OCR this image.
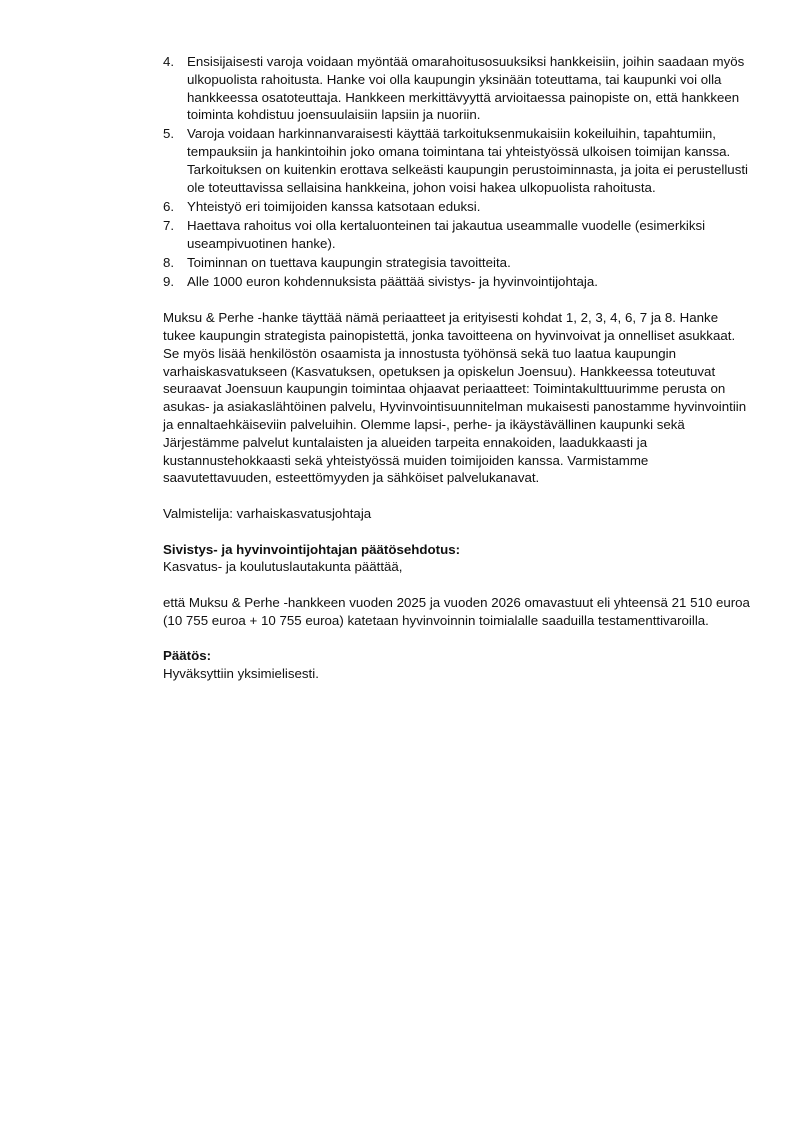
4. Ensisijaisesti varoja voidaan myöntää omarahoitusosuuksiksi hankkeisiin, joihin saadaan myös ulkopuolista rahoitusta. Hanke voi olla kaupungin yksinään toteuttama, tai kaupunki voi olla hankkeessa osatoteuttaja. Hankkeen merkittävyyttä arvioitaessa painopiste on, että hankkeen toiminta kohdistuu joensuulaisiin lapsiin ja nuoriin.
5. Varoja voidaan harkinnanvaraisesti käyttää tarkoituksenmukaisiin kokeiluihin, tapahtumiin, tempauksiin ja hankintoihin joko omana toimintana tai yhteistyössä ulkoisen toimijan kanssa. Tarkoituksen on kuitenkin erottava selkeästi kaupungin perustoiminnasta, ja joita ei perustellusti ole toteuttavissa sellaisina hankkeina, johon voisi hakea ulkopuolista rahoitusta.
6. Yhteistyö eri toimijoiden kanssa katsotaan eduksi.
7. Haettava rahoitus voi olla kertaluonteinen tai jakautua useammalle vuodelle (esimerkiksi useampivuotinen hanke).
8. Toiminnan on tuettava kaupungin strategisia tavoitteita.
9. Alle 1000 euron kohdennuksista päättää sivistys- ja hyvinvointijohtaja.

Muksu & Perhe -hanke täyttää nämä periaatteet ja erityisesti kohdat 1, 2, 3, 4, 6, 7 ja 8. Hanke tukee kaupungin strategista painopistettä, jonka tavoitteena on hyvinvoivat ja onnelliset asukkaat. Se myös lisää henkilöstön osaamista ja innostusta työhönsä sekä tuo laatua kaupungin varhaiskasvatukseen (Kasvatuksen, opetuksen ja opiskelun Joensuu). Hankkeessa toteutuvat seuraavat Joensuun kaupungin toimintaa ohjaavat periaatteet: Toimintakulttuurimme perusta on asukas- ja asiakaslähtöinen palvelu, Hyvinvointisuunnitelman mukaisesti panostamme hyvinvointiin ja ennaltaehkäiseviin palveluihin. Olemme lapsi-, perhe- ja ikäystävällinen kaupunki sekä Järjestämme palvelut kuntalaisten ja alueiden tarpeita ennakoiden, laadukkaasti ja kustannustehokkaasti sekä yhteistyössä muiden toimijoiden kanssa. Varmistamme saavutettavuuden, esteettömyyden ja sähköiset palvelukanavat.

Valmistelija: varhaiskasvatusjohtaja

Sivistys- ja hyvinvointijohtajan päätösehdotus:

Kasvatus- ja koulutuslautakunta päättää,

että Muksu & Perhe -hankkeen vuoden 2025 ja vuoden 2026 omavastuut eli yhteensä 21 510 euroa (10 755 euroa + 10 755 euroa) katetaan hyvinvoinnin toimialalle saaduilla testamenttivaroilla.

Päätös:

Hyväksyttiin yksimielisesti.
